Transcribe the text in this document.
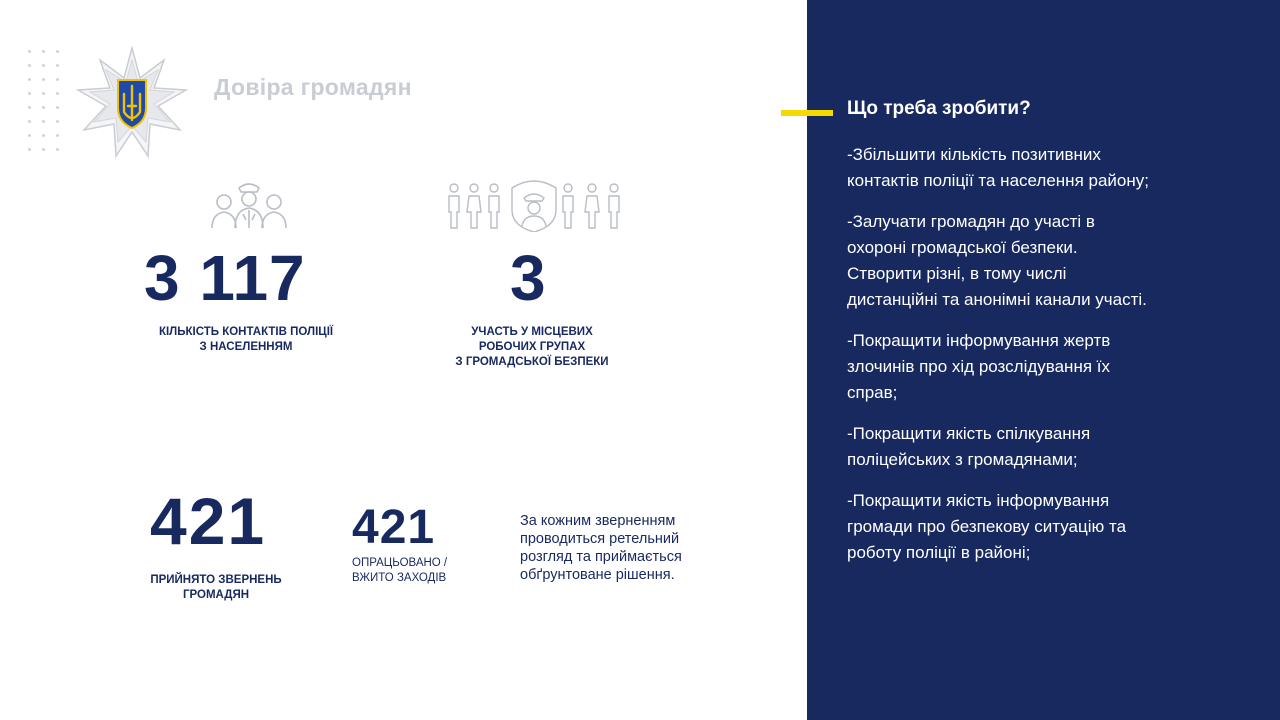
Довіра громадян
3 117
КІЛЬКІСТЬ КОНТАКТІВ ПОЛІЦІЇ
З НАСЕЛЕННЯМ
3
УЧАСТЬ У МІСЦЕВИХ
РОБОЧИХ ГРУПАХ
З ГРОМАДСЬКОЇ БЕЗПЕКИ
421
ПРИЙНЯТО ЗВЕРНЕНЬ
ГРОМАДЯН
421
ОПРАЦЬОВАНО /
ВЖИТО ЗАХОДІВ
За кожним зверненням
проводиться ретельний
розгляд та приймається
обґрунтоване рішення.
Що треба зробити?
-Збільшити кількість позитивних
контактів поліції та населення району;
-Залучати громадян до участі в
охороні громадської безпеки.
Створити різні, в тому числі
дистанційні та анонімні канали участі.
-Покращити інформування жертв
злочинів про хід розслідування їх
справ;
-Покращити якість спілкування
поліцейських з громадянами;
-Покращити якість інформування
громади про безпекову ситуацію та
роботу поліції в районі;
